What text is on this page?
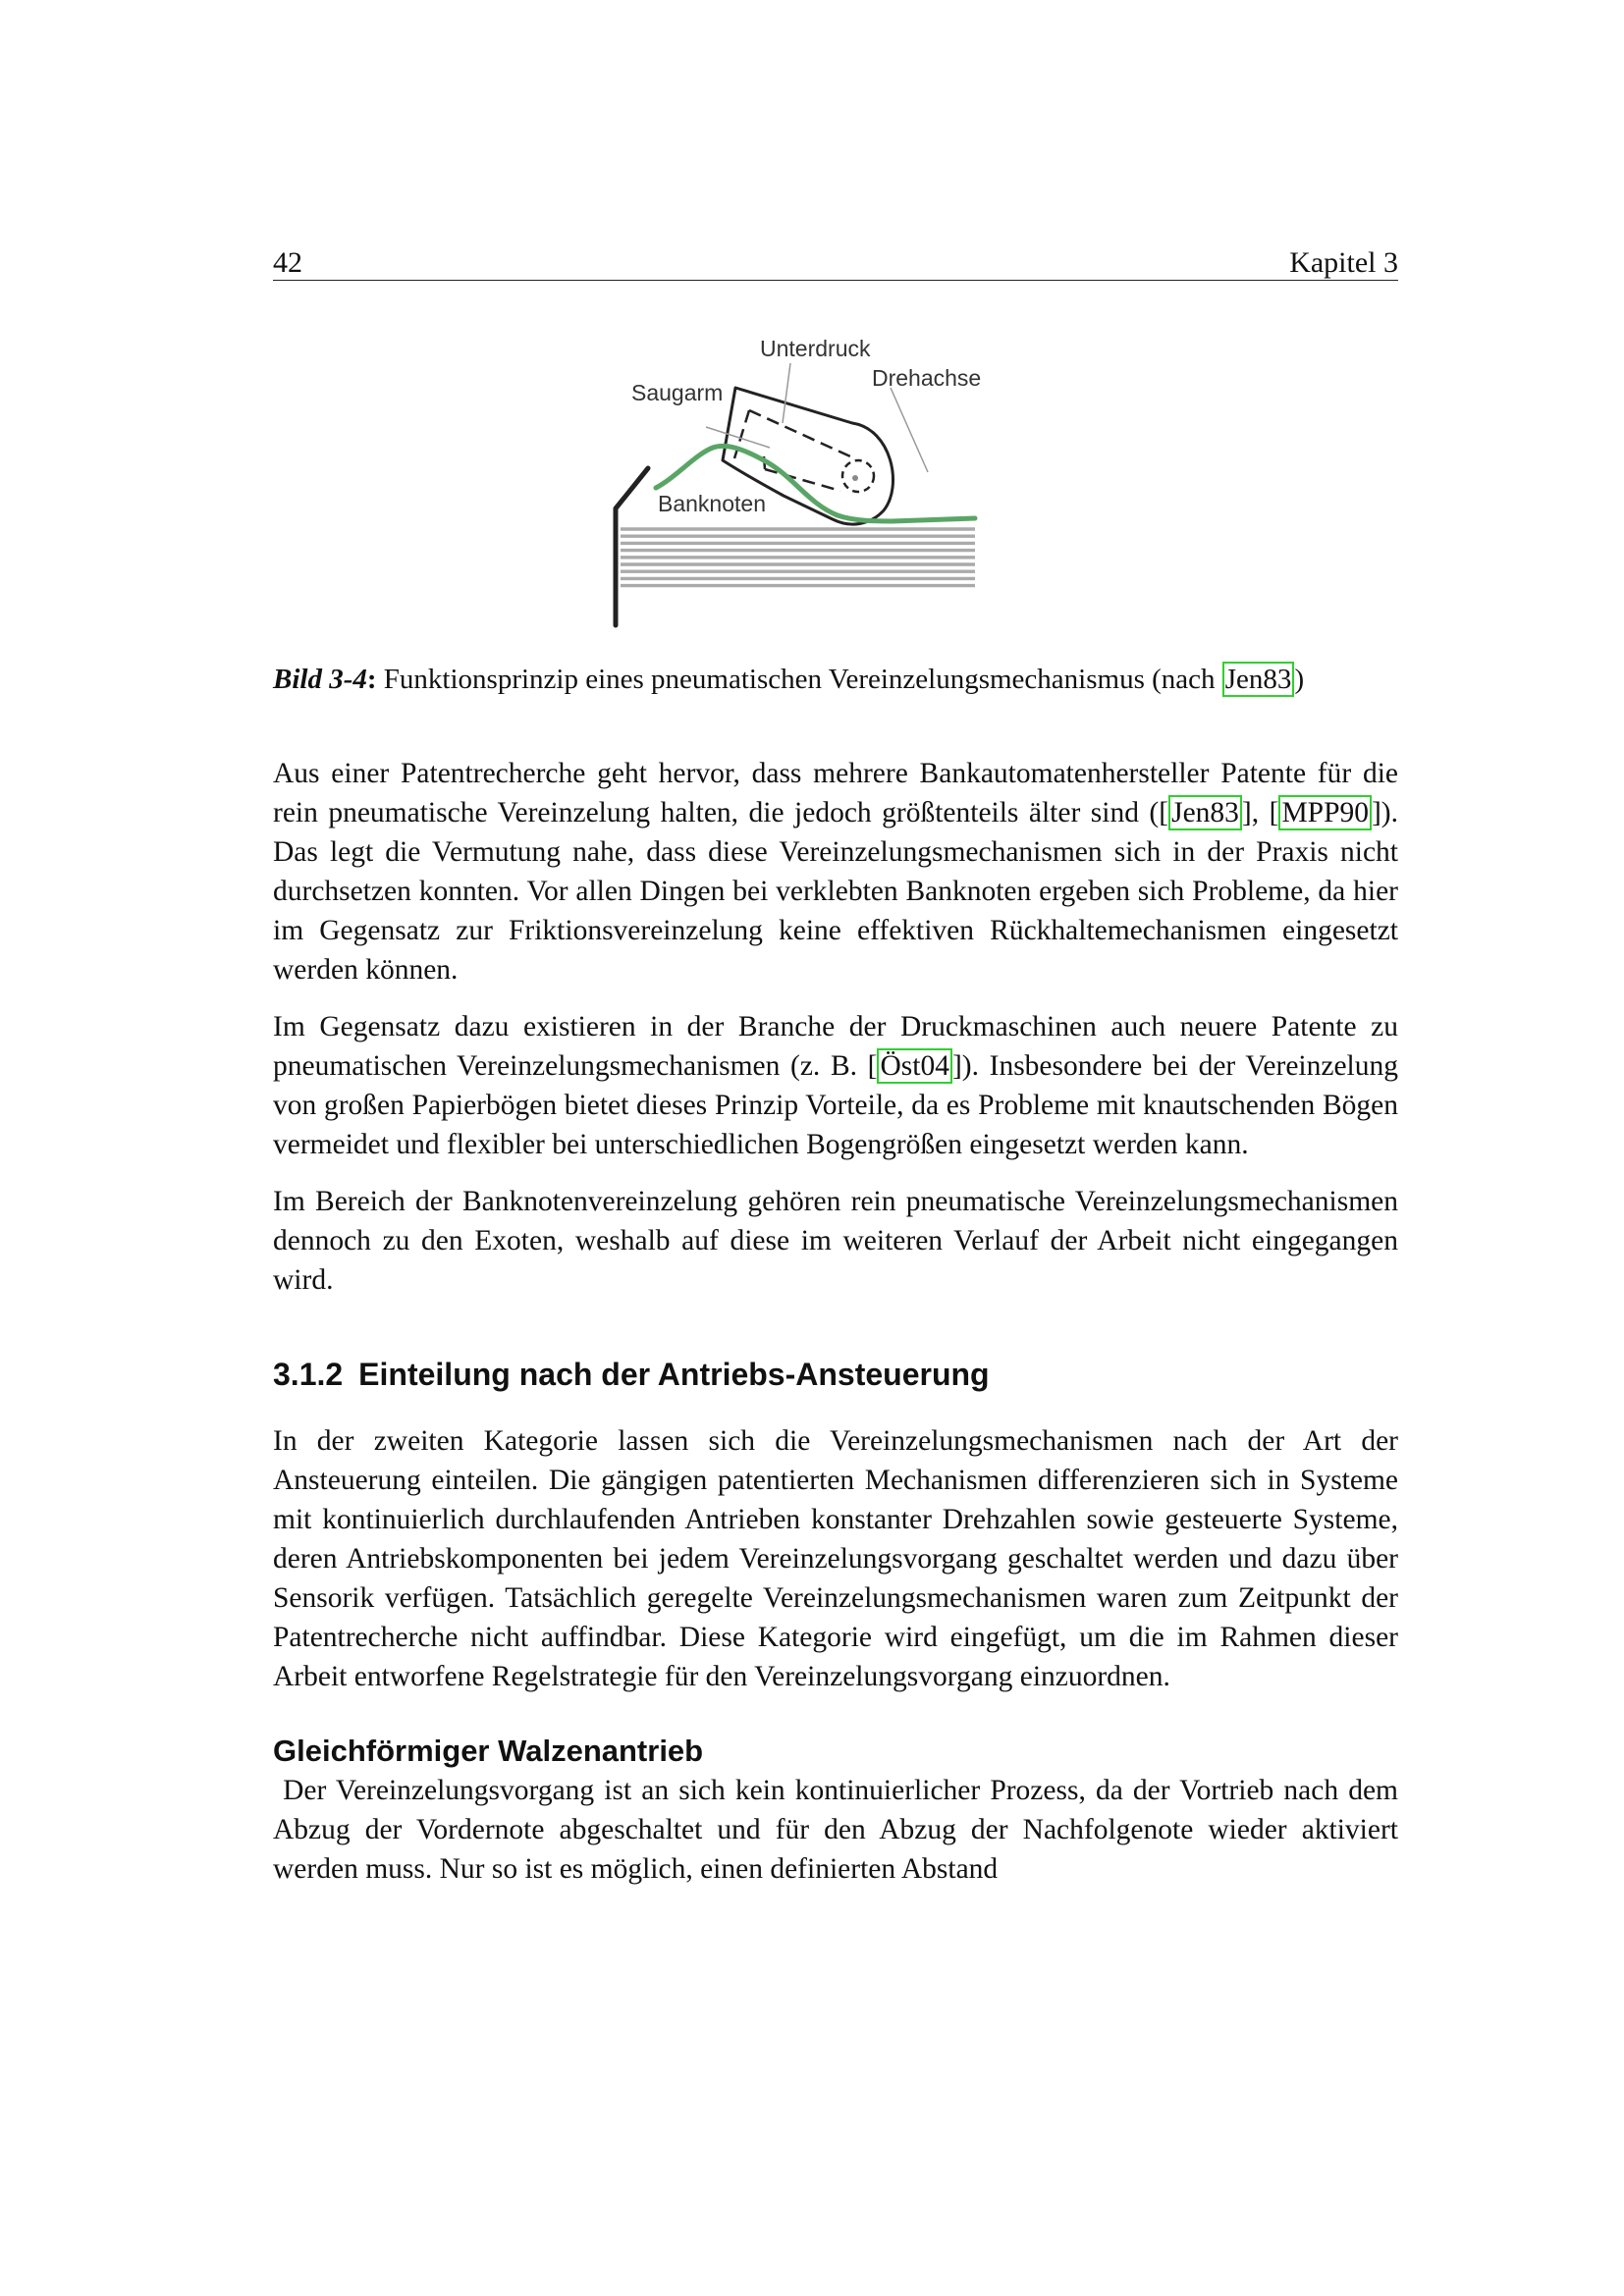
42	Kapitel 3
Unterdruck
Saugarm
Drehachse
Banknoten
Bild 3-4: Funktionsprinzip eines pneumatischen Vereinzelungsmechanismus (nach Jen83 )

Aus einer Patentrecherche geht hervor, dass mehrere Bankautomatenhersteller Patente für die rein pneumatische Vereinzelung halten, die jedoch größtenteils älter sind ([ Jen83 ], [ MPP90 ]). Das legt die Vermutung nahe, dass diese Vereinzelungsmechanismen sich in der Praxis nicht durchsetzen konnten. Vor allen Dingen bei verklebten Banknoten ergeben sich Probleme, da hier im Gegensatz zur Friktionsvereinzelung keine effektiven Rückhaltemechanismen eingesetzt werden können.

Im Gegensatz dazu existieren in der Branche der Druckmaschinen auch neuere Patente zu pneumatischen Vereinzelungsmechanismen (z. B. [ Öst04 ]). Insbesondere bei der Vereinzelung von großen Papierbögen bietet dieses Prinzip Vorteile, da es Probleme mit knautschenden Bögen vermeidet und flexibler bei unterschiedlichen Bogengrößen eingesetzt werden kann.

Im Bereich der Banknotenvereinzelung gehören rein pneumatische Vereinzelungsmechanismen dennoch zu den Exoten, weshalb auf diese im weiteren Verlauf der Arbeit nicht eingegangen wird.

3.1.2 Einteilung nach der Antriebs-Ansteuerung

In der zweiten Kategorie lassen sich die Vereinzelungsmechanismen nach der Art der Ansteuerung einteilen. Die gängigen patentierten Mechanismen differenzieren sich in Systeme mit kontinuierlich durchlaufenden Antrieben konstanter Drehzahlen sowie gesteuerte Systeme, deren Antriebskomponenten bei jedem Vereinzelungsvorgang geschaltet werden und dazu über Sensorik verfügen. Tatsächlich geregelte Vereinzelungsmechanismen waren zum Zeitpunkt der Patentrecherche nicht auffindbar. Diese Kategorie wird eingefügt, um die im Rahmen dieser Arbeit entworfene Regelstrategie für den Vereinzelungsvorgang einzuordnen.

Gleichförmiger Walzenantrieb

Der Vereinzelungsvorgang ist an sich kein kontinuierlicher Prozess, da der Vortrieb nach dem Abzug der Vordernote abgeschaltet und für den Abzug der Nachfolgenote wieder aktiviert werden muss. Nur so ist es möglich, einen definierten Abstand
